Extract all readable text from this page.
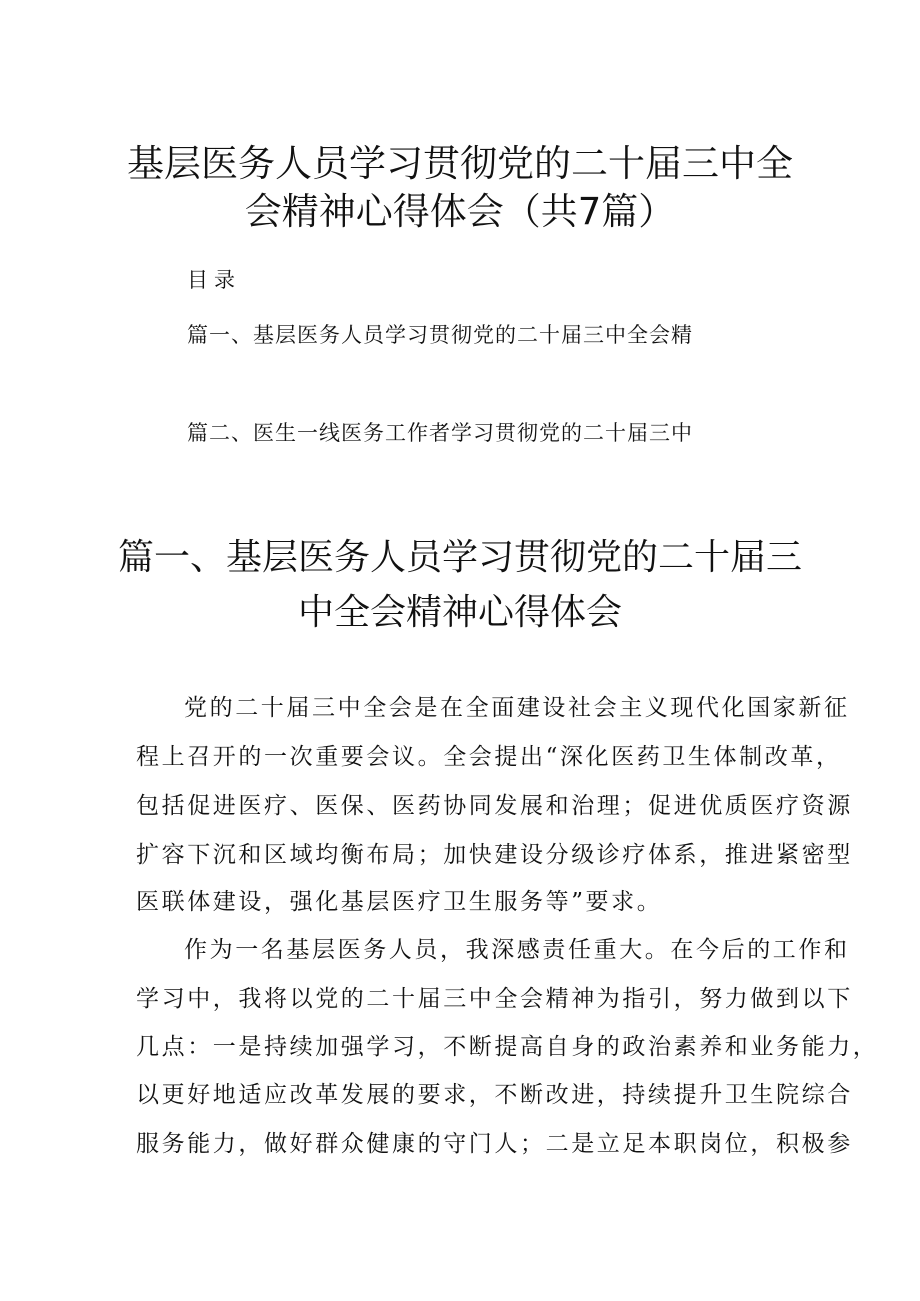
基层医务人员学习贯彻党的二十届三中全
会精神心得体会（共7篇）
目录
篇一、基层医务人员学习贯彻党的二十届三中全会精
篇二、医生一线医务工作者学习贯彻党的二十届三中
篇一、基层医务人员学习贯彻党的二十届三
中全会精神心得体会
党的二十届三中全会是在全面建设社会主义现代化国家新征
程上召开的一次重要会议。全会提出“深化医药卫生体制改革，
包括促进医疗、医保、医药协同发展和治理；促进优质医疗资源
扩容下沉和区域均衡布局；加快建设分级诊疗体系，推进紧密型
医联体建设，强化基层医疗卫生服务等”要求。
作为一名基层医务人员，我深感责任重大。在今后的工作和
学习中，我将以党的二十届三中全会精神为指引，努力做到以下
几点：一是持续加强学习，不断提高自身的政治素养和业务能力，
以更好地适应改革发展的要求，不断改进，持续提升卫生院综合
服务能力，做好群众健康的守门人；二是立足本职岗位，积极参
